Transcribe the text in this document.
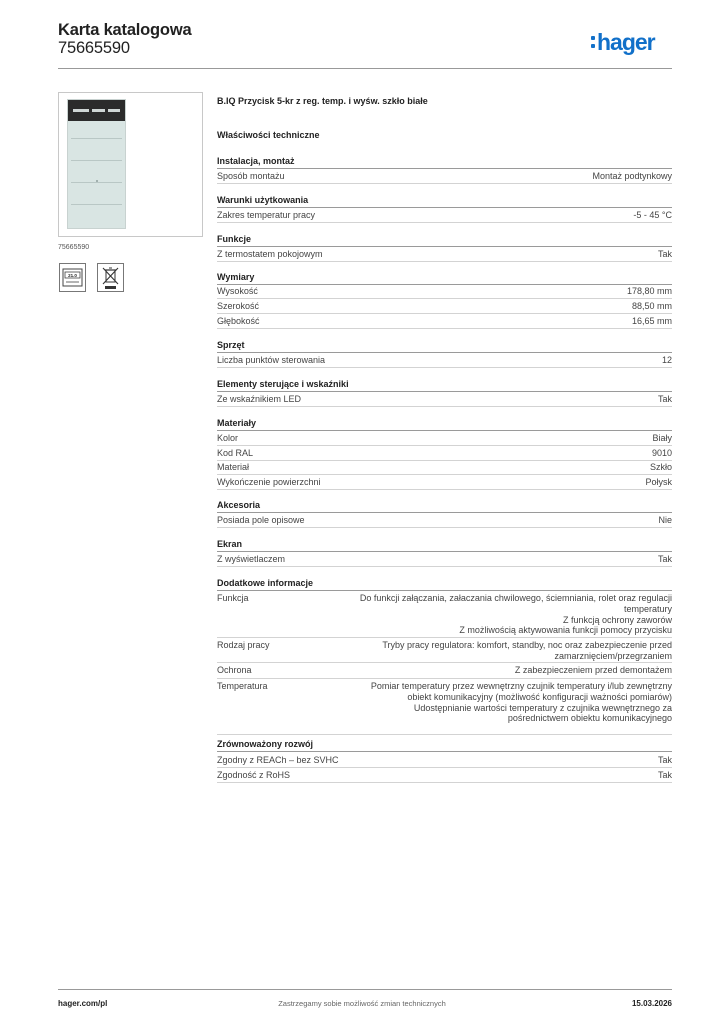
Karta katalogowa
75665590	hager
75665590
21.0
B.IQ Przycisk 5-kr z reg. temp. i wyśw. szkło białe
Właściwości techniczne
Instalacja, montaż
Sposób montażu	Montaż podtynkowy
Warunki użytkowania
Zakres temperatur pracy	-5 - 45 °C
Funkcje
Z termostatem pokojowym	Tak
Wymiary
Wysokość	178,80 mm
Szerokość	88,50 mm
Głębokość	16,65 mm
Sprzęt
Liczba punktów sterowania	12
Elementy sterujące i wskaźniki
Ze wskaźnikiem LED	Tak
Materiały
Kolor	Biały
Kod RAL	9010
Materiał	Szkło
Wykończenie powierzchni	Połysk
Akcesoria
Posiada pole opisowe	Nie
Ekran
Z wyświetlaczem	Tak
Dodatkowe informacje
Funkcja	Do funkcji załączania, załaczania chwilowego, ściemniania, rolet oraz regulacji
temperatury
Z funkcją ochrony zaworów
Z możliwością aktywowania funkcji pomocy przycisku
Rodzaj pracy	Tryby pracy regulatora: komfort, standby, noc oraz zabezpieczenie przed
zamarznięciem/przegrzaniem
Ochrona	Z zabezpieczeniem przed demontażem
Temperatura	Pomiar temperatury przez wewnętrzny czujnik temperatury i/lub zewnętrzny
obiekt komunikacyjny (możliwość konfiguracji ważności pomiarów)
Udostępnianie wartości temperatury z czujnika wewnętrznego za
pośrednictwem obiektu komunikacyjnego
Zrównoważony rozwój
Zgodny z REACh – bez SVHC	Tak
Zgodność z RoHS	Tak
hager.com/pl	Zastrzegamy sobie możliwość zmian technicznych	15.03.2026
